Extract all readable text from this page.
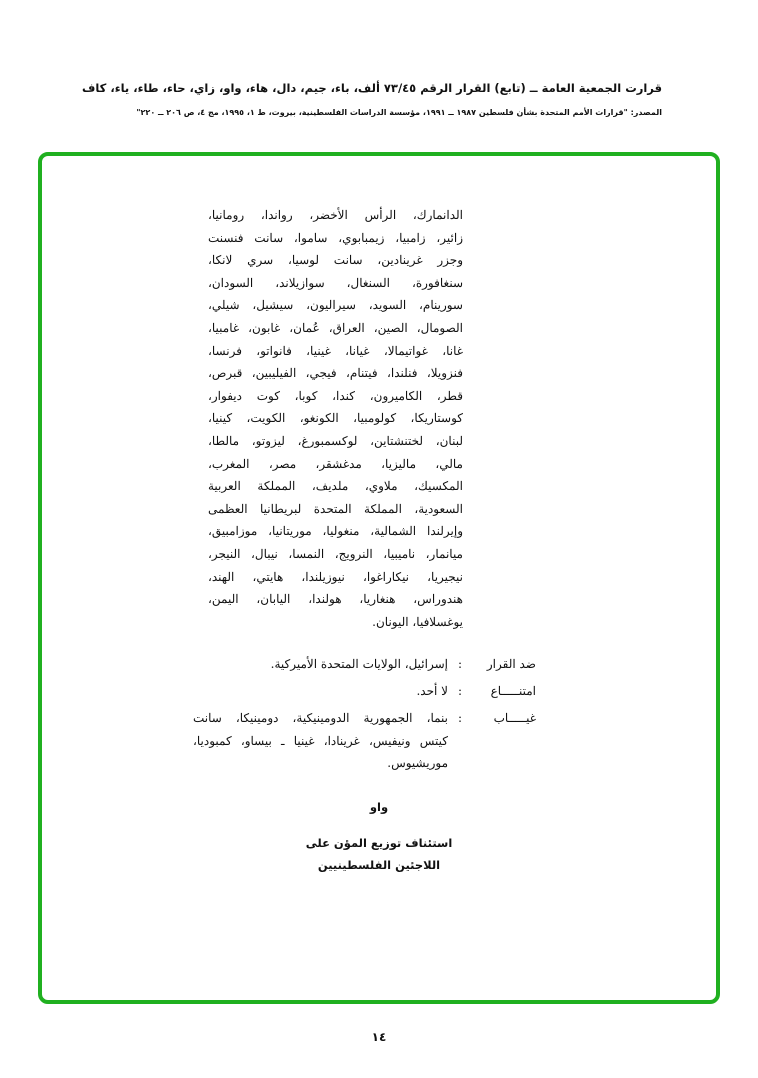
قرارت الجمعية العامة ــ (تابع) القرار الرقم ٧٣/٤٥ ألف، باء، جيم، دال، هاء، واو، زاي، حاء، طاء، ياء، كاف
المصدر: "قرارات الأمم المتحدة بشأن فلسطين ١٩٨٧ ــ ١٩٩١، مؤسسة الدراسات الفلسطينية، بيروت، ط ١، ١٩٩٥، مج ٤، ص ٢٠٦ ــ ٢٢٠"
الدانمارك، الرأس الأخضر، رواندا، رومانيا،
زائير، زامبيا، زيمبابوي، ساموا، سانت فنسنت
وجزر غرينادين، سانت لوسيا، سري لانكا،
سنغافورة، السنغال، سوازيلاند، السودان،
سورينام، السويد، سيراليون، سيشيل، شيلي،
الصومال، الصين، العراق، عُمان، غابون، غامبيا،
غانا، غواتيمالا، غيانا، غينيا، فانواتو، فرنسا،
فنزويلا، فنلندا، فيتنام، فيجي، الفيليبين، قبرص،
قطر، الكاميرون، كندا، كوبا، كوت ديفوار،
كوستاريكا، كولومبيا، الكونغو، الكويت، كينيا،
لبنان، لختنشتاين، لوكسمبورغ، ليزوتو، مالطا،
مالي، ماليزيا، مدغشقر، مصر، المغرب،
المكسيك، ملاوي، ملديف، المملكة العربية
السعودية، المملكة المتحدة لبريطانيا العظمى
وإيرلندا الشمالية، منغوليا، موريتانيا، موزامبيق،
ميانمار، ناميبيا، النرويج، النمسا، نيبال، النيجر،
نيجيريا، نيكاراغوا، نيوزيلندا، هايتي، الهند،
هندوراس، هنغاريا، هولندا، اليابان، اليمن،
يوغسلافيا، اليونان.
ضد القرار
:
إسرائيل، الولايات المتحدة الأميركية.
امتنـــــاع
:
لا أحد.
غيـــــاب
:
بنما، الجمهورية الدومينيكية، دومينيكا، سانت
كيتس ونيفيس، غرينادا، غينيا ـ بيساو، كمبوديا،
موريشيوس.
واو
استئناف توزيع المؤن على
اللاجئين الفلسطينيين
١٤
